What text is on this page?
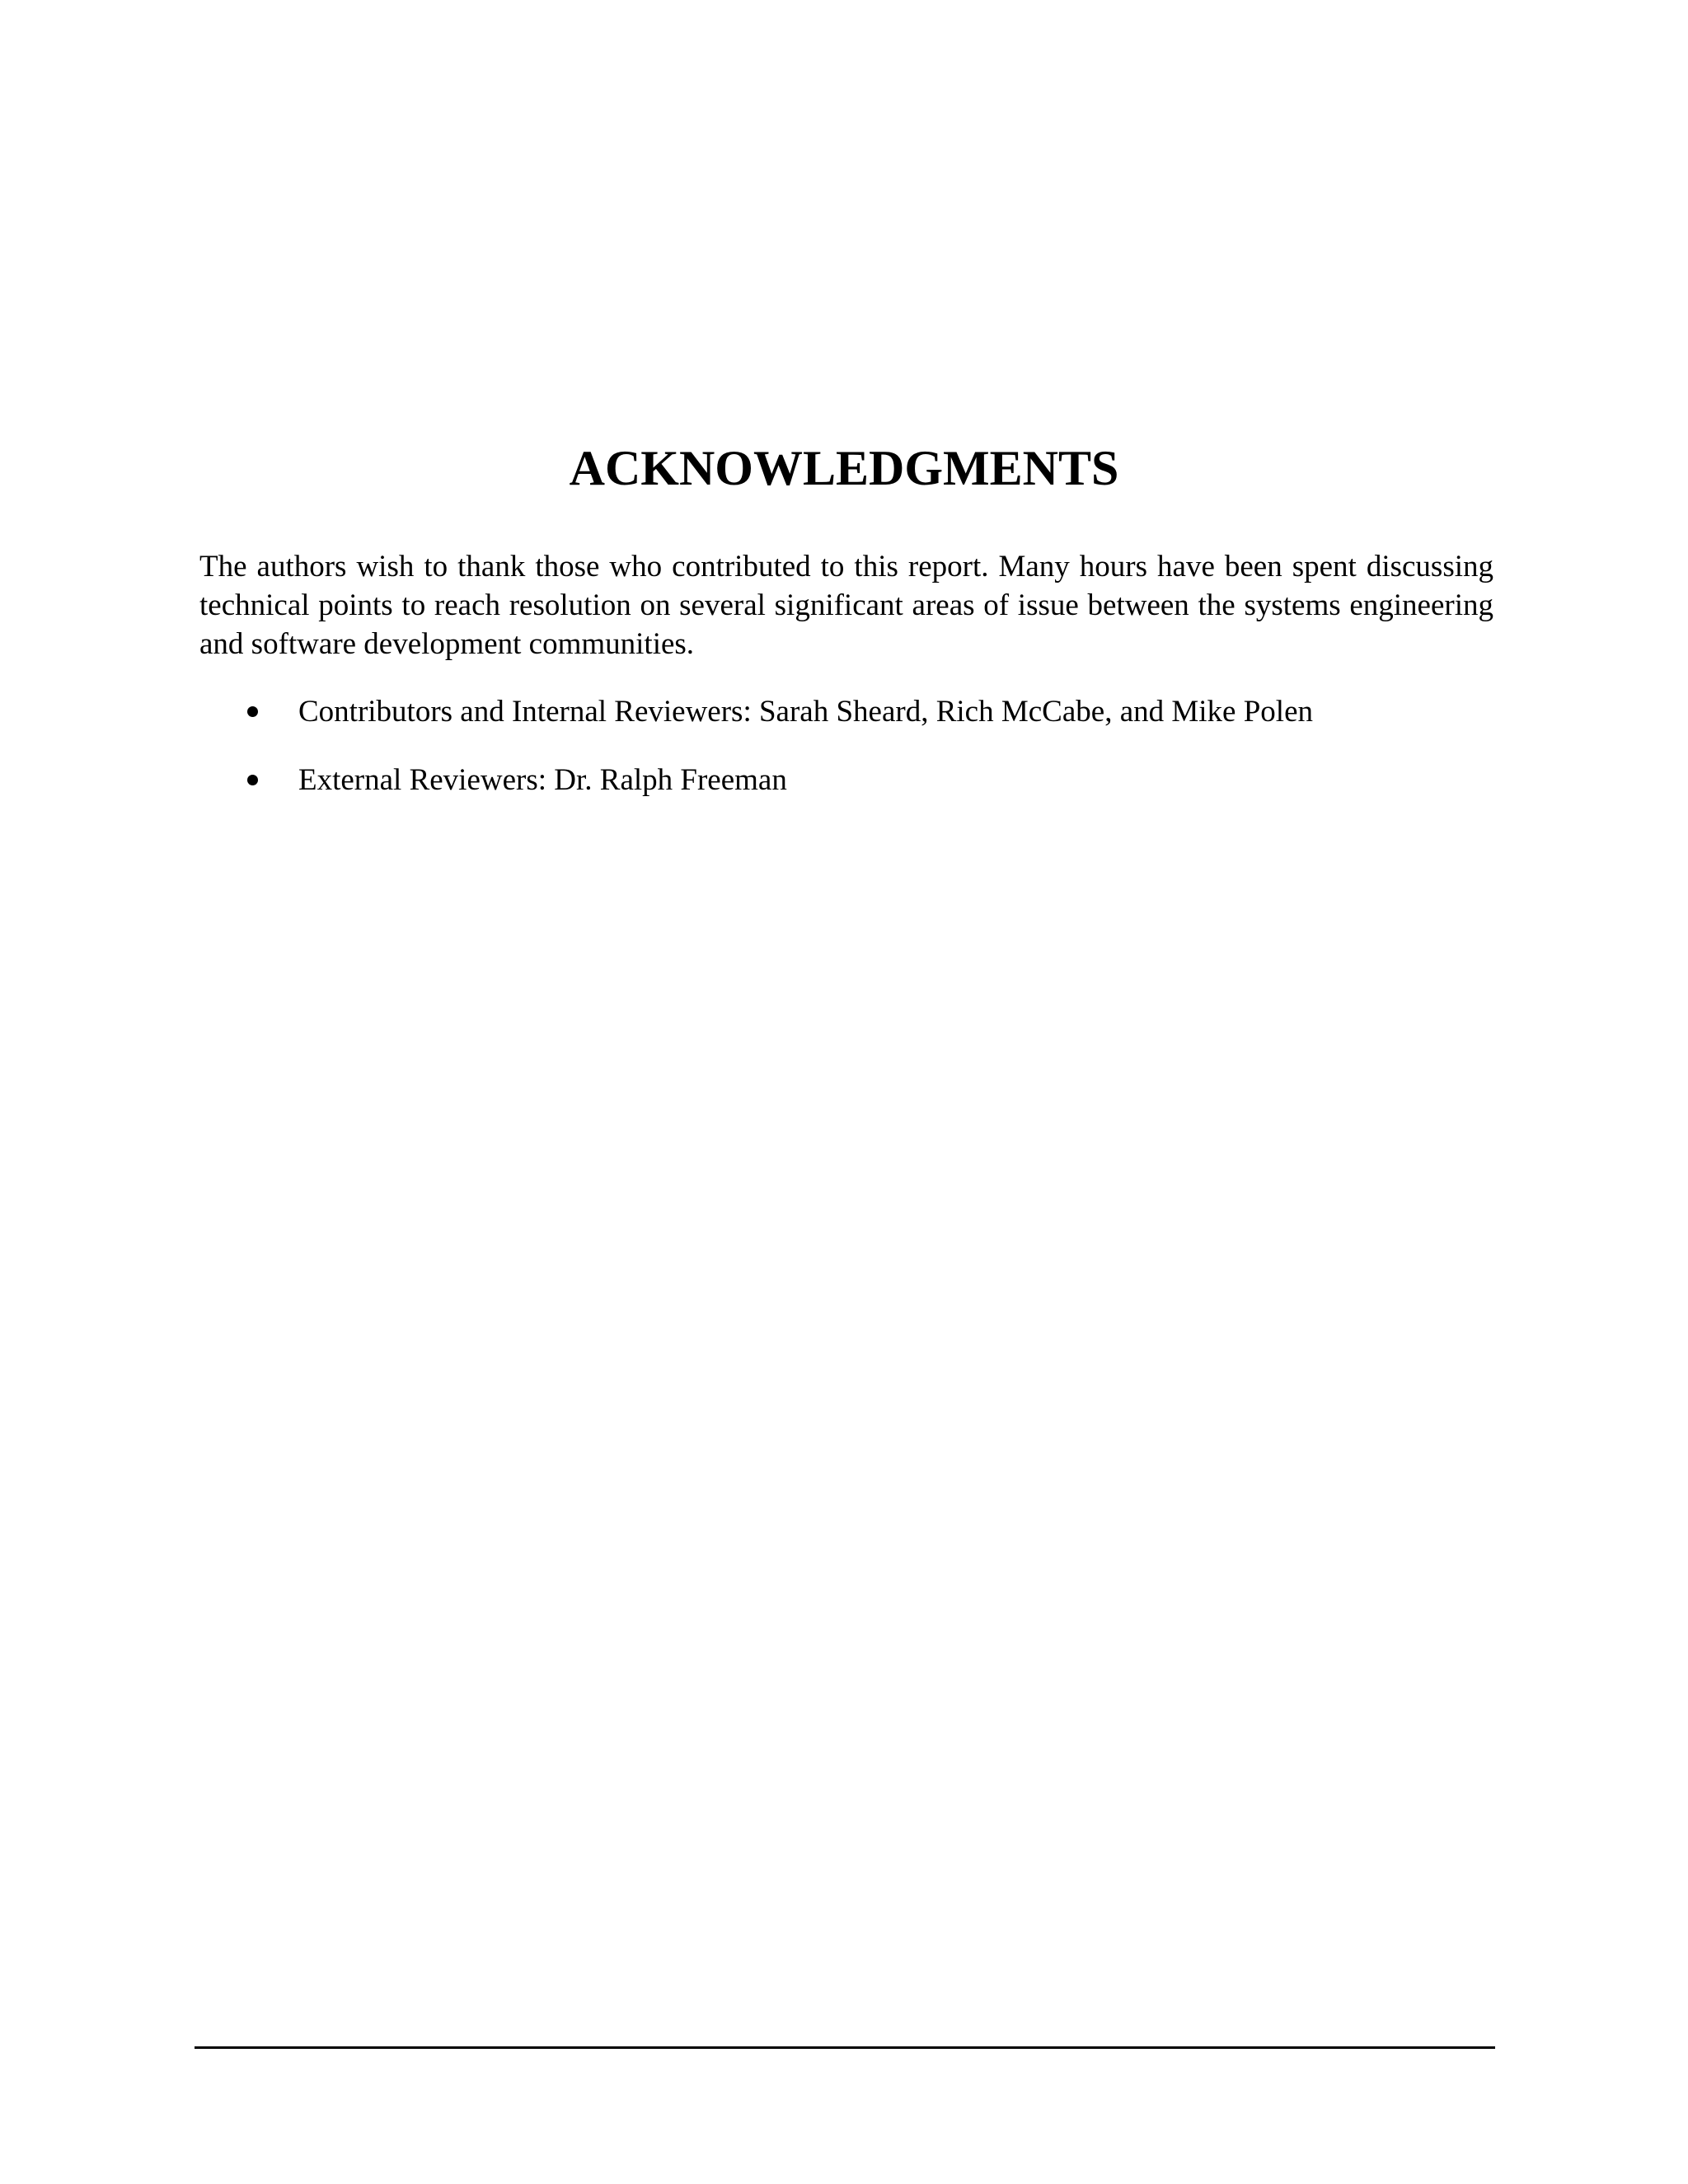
ACKNOWLEDGMENTS

The authors wish to thank those who contributed to this report. Many hours have been spent discussing technical points to reach resolution on several significant areas of issue between the systems engineering and software development communities.

Contributors and Internal Reviewers: Sarah Sheard, Rich McCabe, and Mike Polen
External Reviewers: Dr. Ralph Freeman
